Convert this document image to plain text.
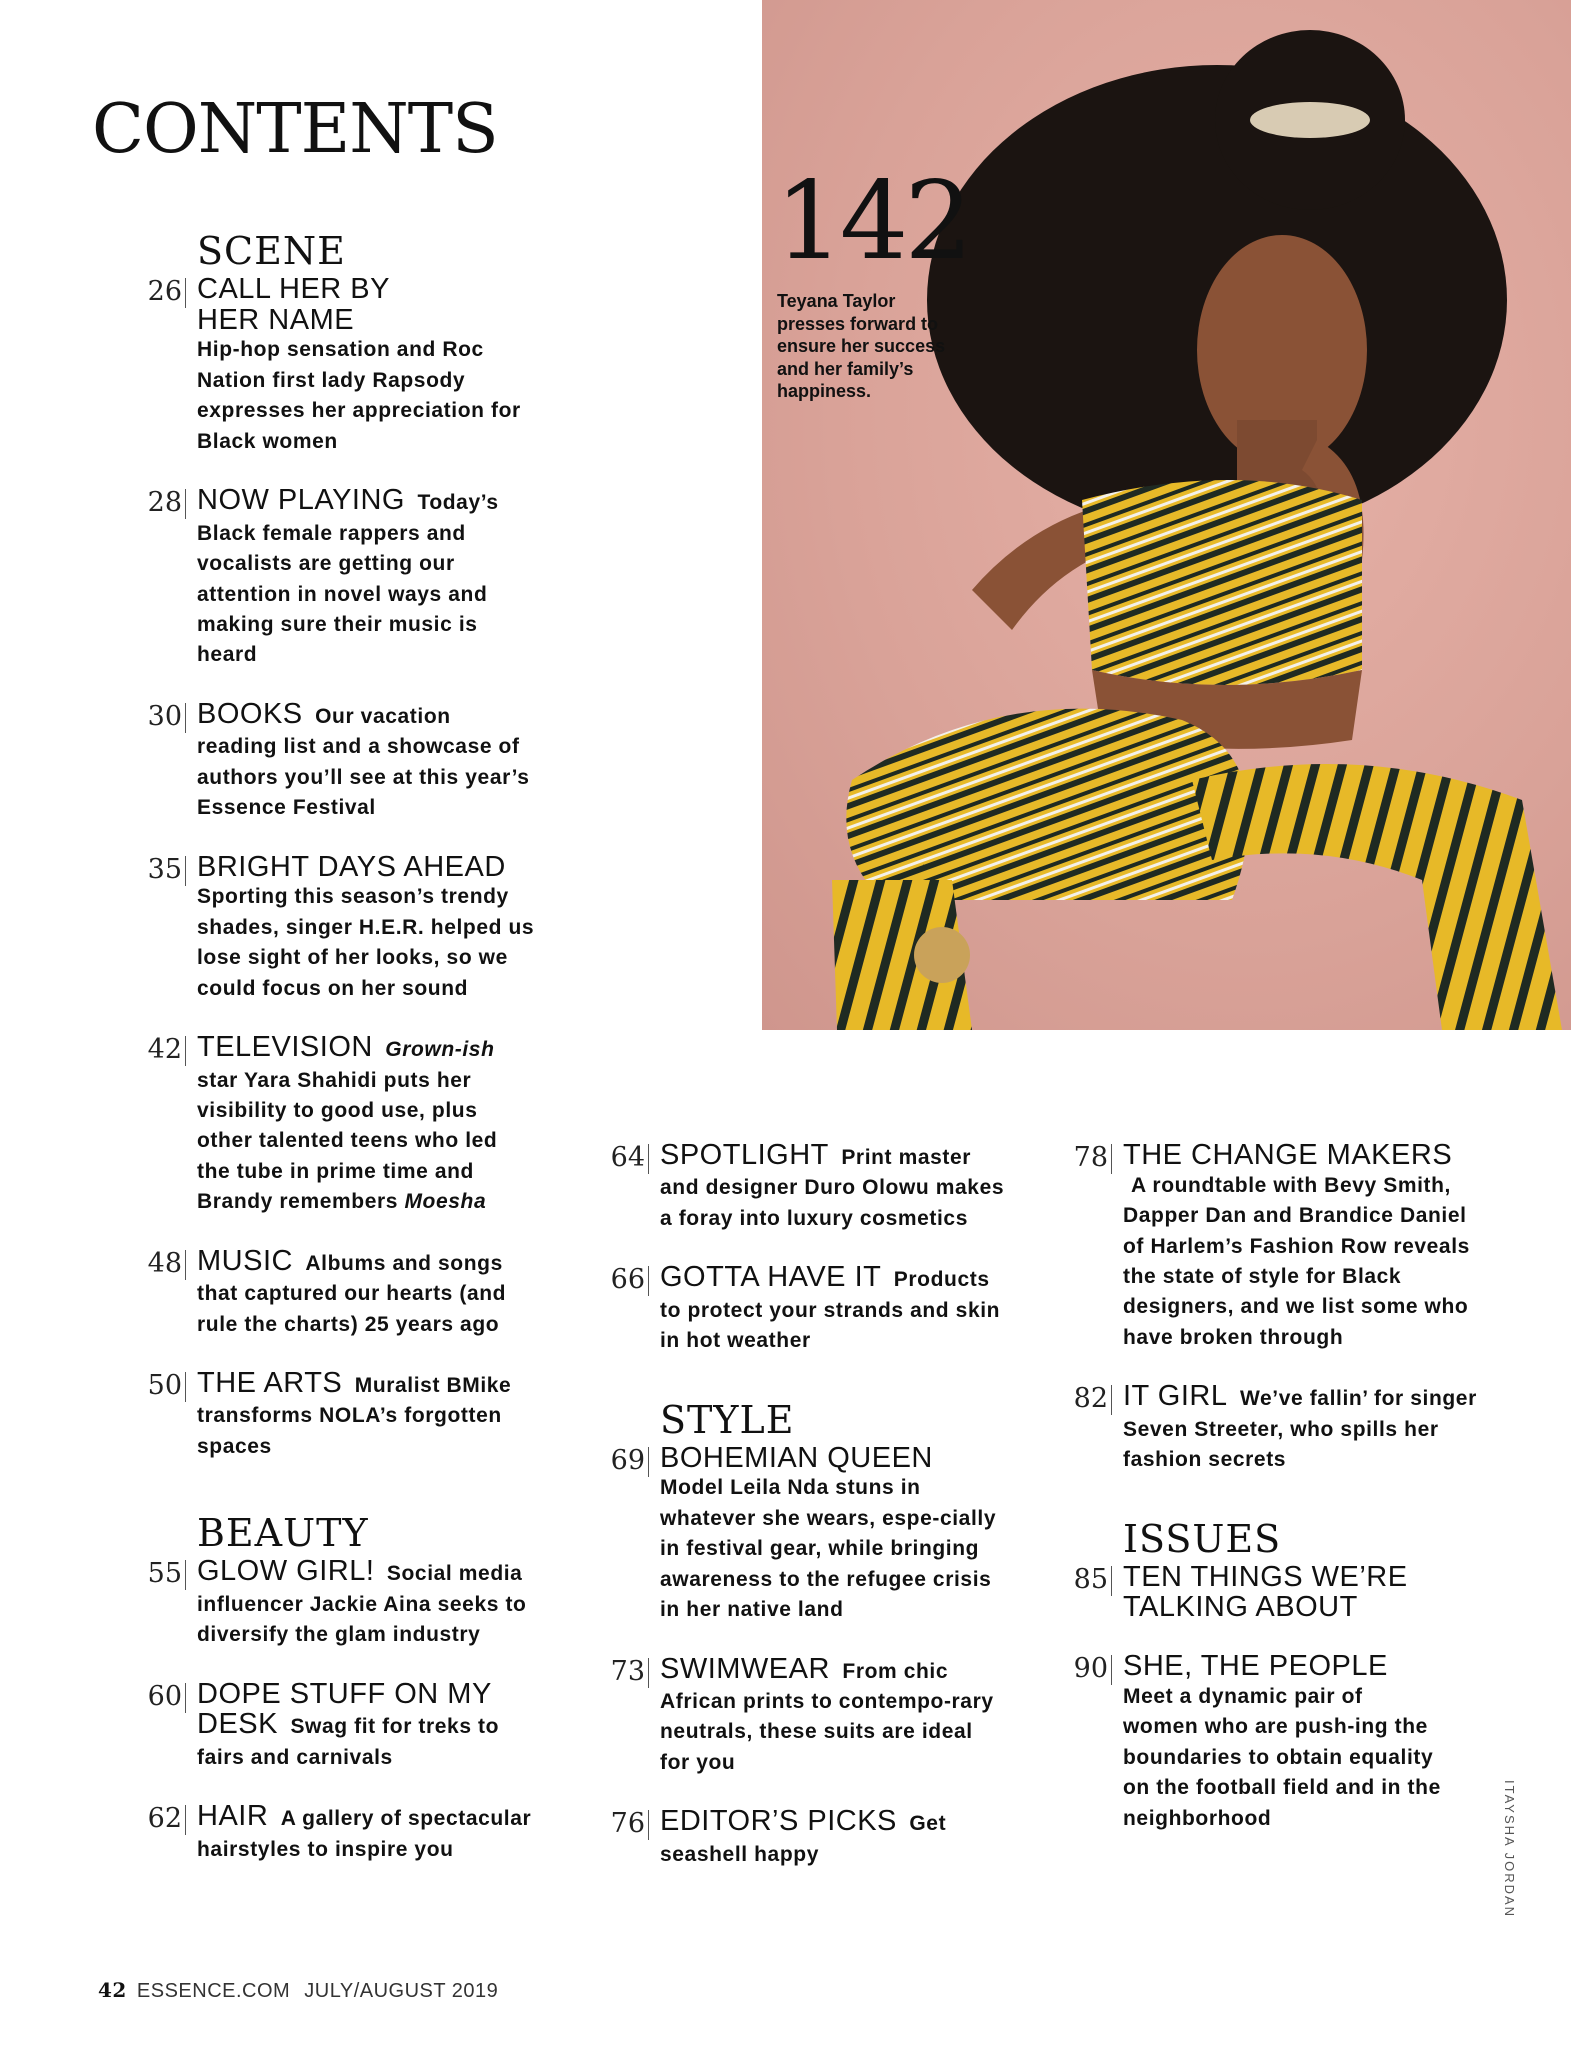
CONTENTS
142
Teyana Taylor presses forward to ensure her success and her family’s happiness.
ITAYSHA JORDAN
SCENE
26 CALL HER BY HER NAME
Hip-hop sensation and Roc Nation first lady Rapsody expresses her appreciation for Black women
28 NOW PLAYING Today’s Black female rappers and vocalists are getting our attention in novel ways and making sure their music is heard
30 BOOKS Our vacation reading list and a showcase of authors you’ll see at this year’s Essence Festival
35 BRIGHT DAYS AHEAD
Sporting this season’s trendy shades, singer H.E.R. helped us lose sight of her looks, so we could focus on her sound
42 TELEVISION Grown-ish star Yara Shahidi puts her visibility to good use, plus other talented teens who led the tube in prime time and Brandy remembers Moesha
48 MUSIC Albums and songs that captured our hearts (and rule the charts) 25 years ago
50 THE ARTS Muralist BMike transforms NOLA’s forgotten spaces
BEAUTY
55 GLOW GIRL! Social media influencer Jackie Aina seeks to diversify the glam industry
60 DOPE STUFF ON MY DESK Swag fit for treks to fairs and carnivals
62 HAIR A gallery of spectacular hairstyles to inspire you
64 SPOTLIGHT Print master and designer Duro Olowu makes a foray into luxury cosmetics
66 GOTTA HAVE IT Products to protect your strands and skin in hot weather
STYLE
69 BOHEMIAN QUEEN
Model Leila Nda stuns in whatever she wears, espe-cially in festival gear, while bringing awareness to the refugee crisis in her native land
73 SWIMWEAR From chic African prints to contempo-rary neutrals, these suits are ideal for you
76 EDITOR’S PICKS Get seashell happy
78 THE CHANGE MAKERS A roundtable with Bevy Smith, Dapper Dan and Brandice Daniel of Harlem’s Fashion Row reveals the state of style for Black designers, and we list some who have broken through
82 IT GIRL We’ve fallin’ for singer Seven Streeter, who spills her fashion secrets
ISSUES
85 TEN THINGS WE’RE TALKING ABOUT
90 SHE, THE PEOPLE
Meet a dynamic pair of women who are push-ing the boundaries to obtain equality on the football field and in the neighborhood
42 ESSENCE.COM JULY/AUGUST 2019
